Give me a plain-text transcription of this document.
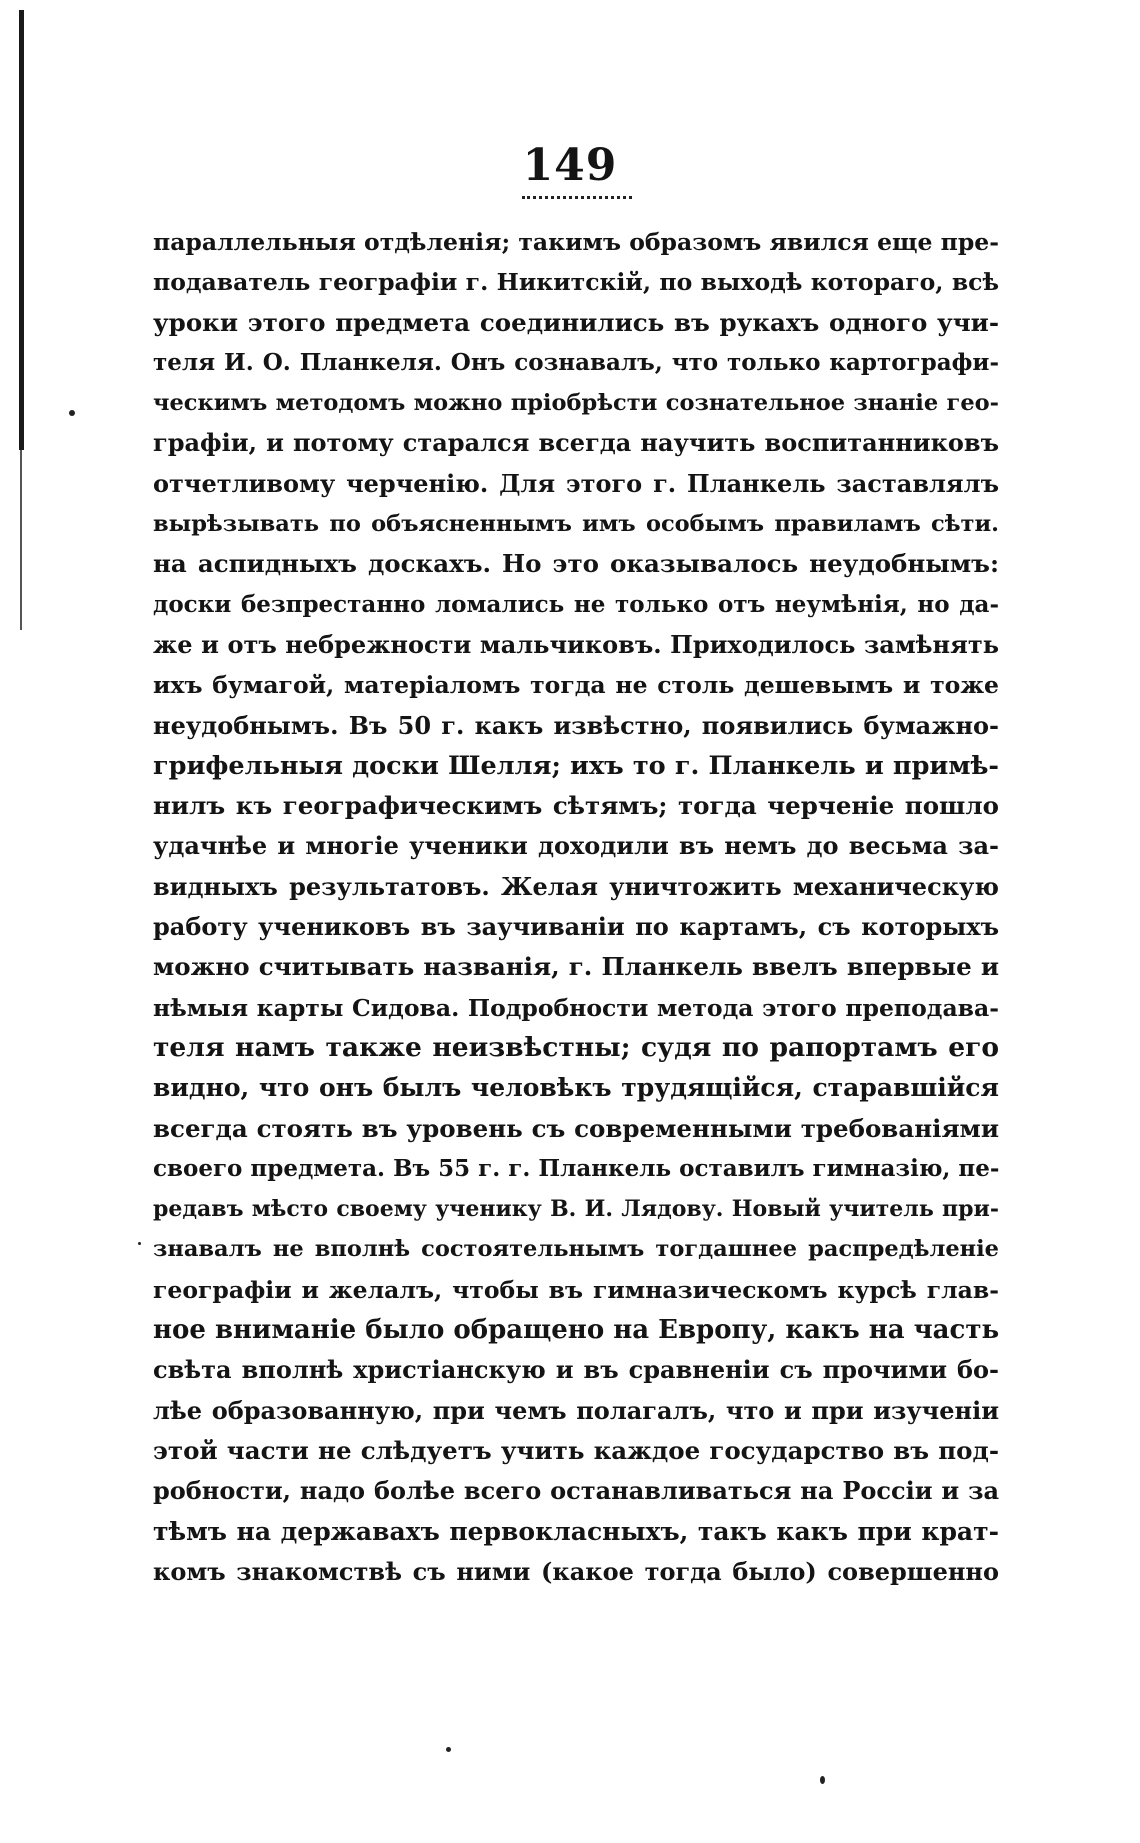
149
параллельныя отдѣленія; такимъ образомъ явился еще пре-
подаватель географіи г. Никитскій, по выходѣ котораго, всѣ
уроки этого предмета соединились въ рукахъ одного учи-
теля И. О. Планкеля. Онъ сознавалъ, что только картографи-
ческимъ методомъ можно пріобрѣсти сознательное знаніе гео-
графіи, и потому старался всегда научить воспитанниковъ
отчетливому черченію. Для этого г. Планкель заставлялъ
вырѣзывать по объясненнымъ имъ особымъ правиламъ сѣти.
на аспидныхъ доскахъ. Но это оказывалось неудобнымъ:
доски безпрестанно ломались не только отъ неумѣнія, но да-
же и отъ небрежности мальчиковъ. Приходилось замѣнять
ихъ бумагой, матеріаломъ тогда не столь дешевымъ и тоже
неудобнымъ. Въ 50 г. какъ извѣстно, появились бумажно-
грифельныя доски Шелля; ихъ то г. Планкель и примѣ-
нилъ къ географическимъ сѣтямъ; тогда черченіе пошло
удачнѣе и многіе ученики доходили въ немъ до весьма за-
видныхъ результатовъ. Желая уничтожить механическую
работу учениковъ въ заучиваніи по картамъ, съ которыхъ
можно считывать названія, г. Планкель ввелъ впервые и
нѣмыя карты Сидова. Подробности метода этого преподава-
теля намъ также неизвѣстны; судя по рапортамъ его
видно, что онъ былъ человѣкъ трудящійся, старавшійся
всегда стоять въ уровень съ современными требованіями
своего предмета. Въ 55 г. г. Планкель оставилъ гимназію, пе-
редавъ мѣсто своему ученику В. И. Лядову. Новый учитель при-
знавалъ не вполнѣ состоятельнымъ тогдашнее распредѣленіе
географіи и желалъ, чтобы въ гимназическомъ курсѣ глав-
ное вниманіе было обращено на Европу, какъ на часть
свѣта вполнѣ христіанскую и въ сравненіи съ прочими бо-
лѣе образованную, при чемъ полагалъ, что и при изученіи
этой части не слѣдуетъ учить каждое государство въ под-
робности, надо болѣе всего останавливаться на Россіи и за
тѣмъ на державахъ первокласныхъ, такъ какъ при крат-
комъ знакомствѣ съ ними (какое тогда было) совершенно
